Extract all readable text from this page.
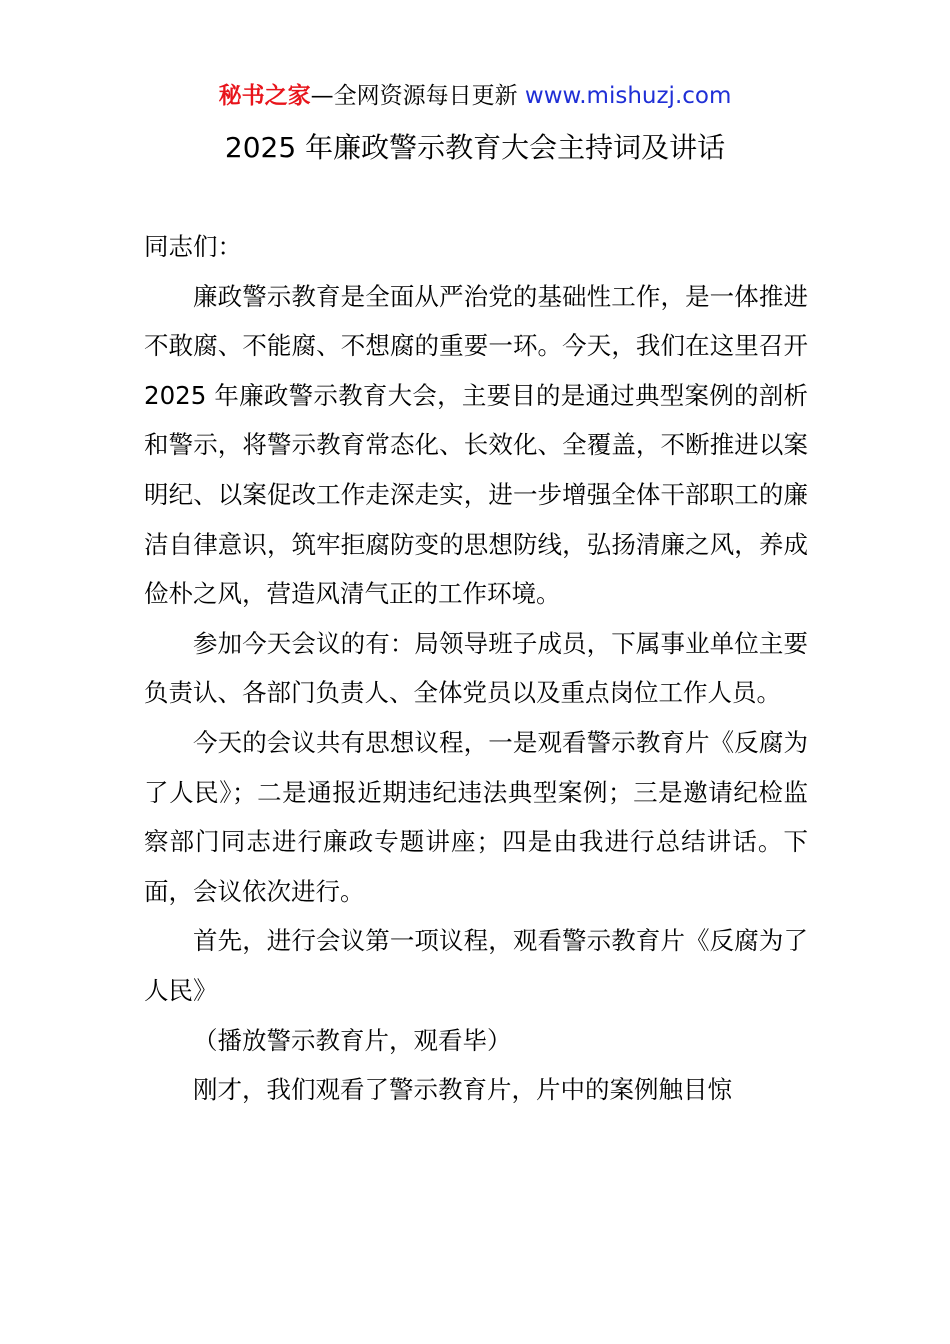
秘书之家—全网资源每日更新 www.mishuzj.com
2025 年廉政警示教育大会主持词及讲话

同志们：

廉政警示教育是全面从严治党的基础性工作，是一体推进不敢腐、不能腐、不想腐的重要一环。今天，我们在这里召开 2025 年廉政警示教育大会，主要目的是通过典型案例的剖析和警示，将警示教育常态化、长效化、全覆盖，不断推进以案明纪、以案促改工作走深走实，进一步增强全体干部职工的廉洁自律意识，筑牢拒腐防变的思想防线，弘扬清廉之风，养成俭朴之风，营造风清气正的工作环境。

参加今天会议的有：局领导班子成员，下属事业单位主要负责认、各部门负责人、全体党员以及重点岗位工作人员。

今天的会议共有思想议程，一是观看警示教育片《反腐为了人民》；二是通报近期违纪违法典型案例；三是邀请纪检监察部门同志进行廉政专题讲座；四是由我进行总结讲话。下面，会议依次进行。

首先，进行会议第一项议程，观看警示教育片《反腐为了人民》

（播放警示教育片，观看毕）

刚才，我们观看了警示教育片，片中的案例触目惊
